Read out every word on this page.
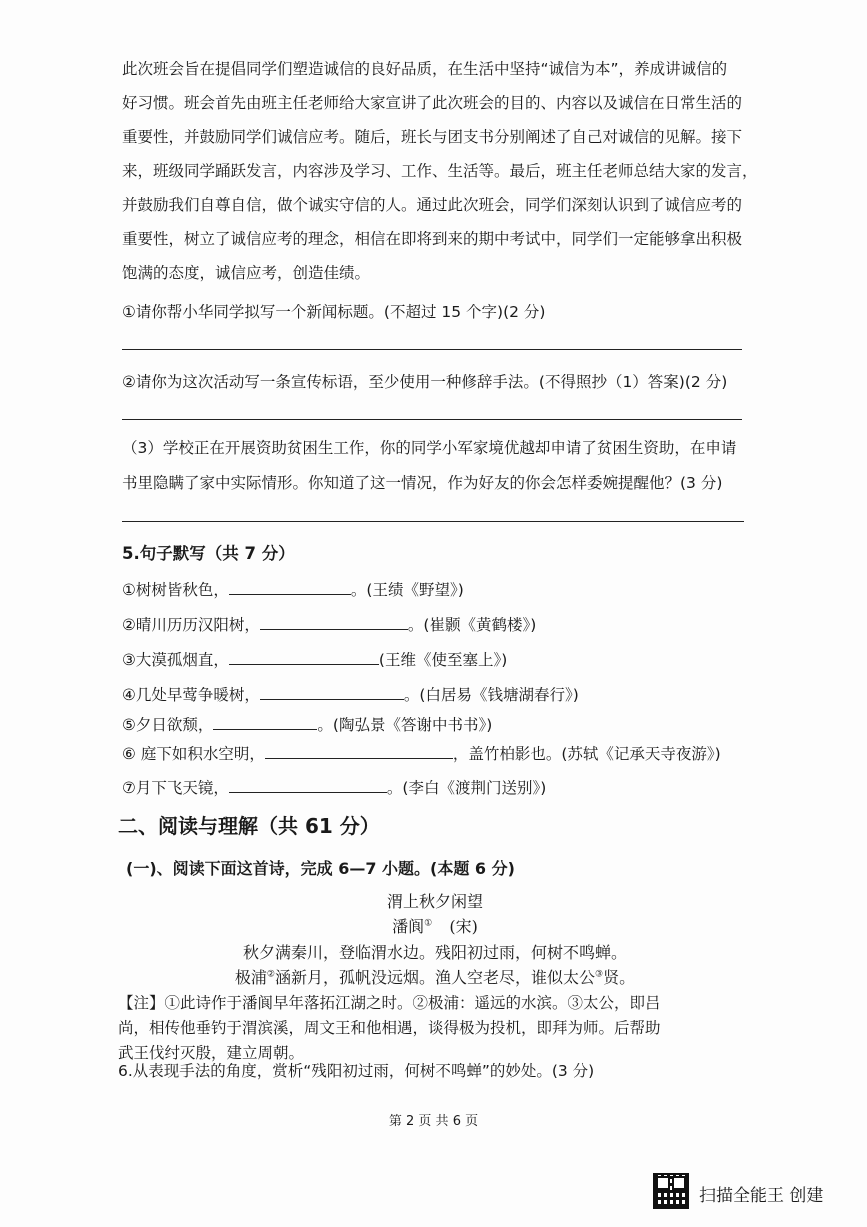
此次班会旨在提倡同学们塑造诚信的良好品质，在生活中坚持“诚信为本”，养成讲诚信的
好习惯。班会首先由班主任老师给大家宣讲了此次班会的目的、内容以及诚信在日常生活的
重要性，并鼓励同学们诚信应考。随后，班长与团支书分别阐述了自己对诚信的见解。接下
来，班级同学踊跃发言，内容涉及学习、工作、生活等。最后，班主任老师总结大家的发言，
并鼓励我们自尊自信，做个诚实守信的人。通过此次班会，同学们深刻认识到了诚信应考的
重要性，树立了诚信应考的理念，相信在即将到来的期中考试中，同学们一定能够拿出积极
饱满的态度，诚信应考，创造佳绩。
①请你帮小华同学拟写一个新闻标题。(不超过 15 个字)(2 分)
②请你为这次活动写一条宣传标语，至少使用一种修辞手法。(不得照抄（1）答案)(2 分)
（3）学校正在开展资助贫困生工作，你的同学小军家境优越却申请了贫困生资助，在申请
书里隐瞒了家中实际情形。你知道了这一情况，作为好友的你会怎样委婉提醒他？(3 分)
5.句子默写（共 7 分）
①树树皆秋色，	。(王绩《野望》)
②晴川历历汉阳树，	。(崔颢《黄鹤楼》)
③大漠孤烟直，	(王维《使至塞上》)
④几处早莺争暖树，	。(白居易《钱塘湖春行》)
⑤夕日欲颓，	。(陶弘景《答谢中书书》)
⑥ 庭下如积水空明，	，盖竹柏影也。(苏轼《记承天寺夜游》)
⑦月下飞天镜，	。(李白《渡荆门送别》)
二、阅读与理解（共 61 分）
(一)、阅读下面这首诗，完成 6—7 小题。(本题 6 分)
渭上秋夕闲望
潘阆① (宋)
秋夕满秦川，登临渭水边。残阳初过雨，何树不鸣蝉。
极浦②涵新月，孤帆没远烟。渔人空老尽，谁似太公③贤。
【注】①此诗作于潘阆早年落拓江湖之时。②极浦：遥远的水滨。③太公，即吕
尚，相传他垂钓于渭滨溪，周文王和他相遇，谈得极为投机，即拜为师。后帮助
武王伐纣灭殷，建立周朝。
6.从表现手法的角度，赏析“残阳初过雨，何树不鸣蝉”的妙处。(3 分)
第 2 页 共 6 页
扫描全能王 创建
